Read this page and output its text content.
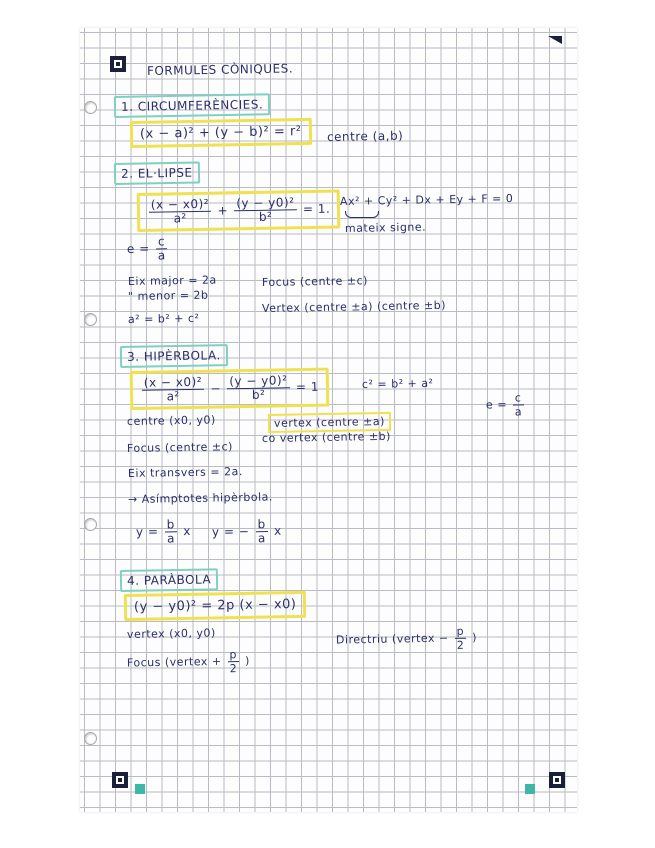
FORMULES CÒNIQUES.
1. CIRCUMFERÈNCIES.
(x − a)² + (y − b)² = r²	centre (a,b)
2. EL·LIPSE
$\frac{\text{(x − x0)²}}{\text{a²}} + \frac{\text{(y − y0)²}}{\text{b²}} = 1$.
Ax² + Cy² + Dx + Ey + F = 0
mateix signe.
$e = \frac{c}{a}$
Eix major = 2a
" menor = 2b
Focus (centre ±c)
Vertex (centre ±a) (centre ±b)
a² = b² + c²
3. HIPÈRBOLA.
$\frac{\text{(x − x0)²}}{\text{a²}} - \frac{\text{(y − y0)²}}{\text{b²}} = 1$	c² = b² + a²
$e = \frac{c}{a}$
centre (x0, y0)	vertex (centre ±a)
co vertex (centre ±b)
Focus (centre ±c)
Eix transvers = 2a.
→ Asímptotes hipèrbola.
$y = \frac{b}{a}$ x y = − $\frac{b}{a}$ x
4. PARÀBOLA
(y − y0)² = 2p (x − x0)
vertex (x0, y0)	Directriu (vertex − $\frac{p}{2}$ )
Focus (vertex + $\frac{p}{2}$ )
